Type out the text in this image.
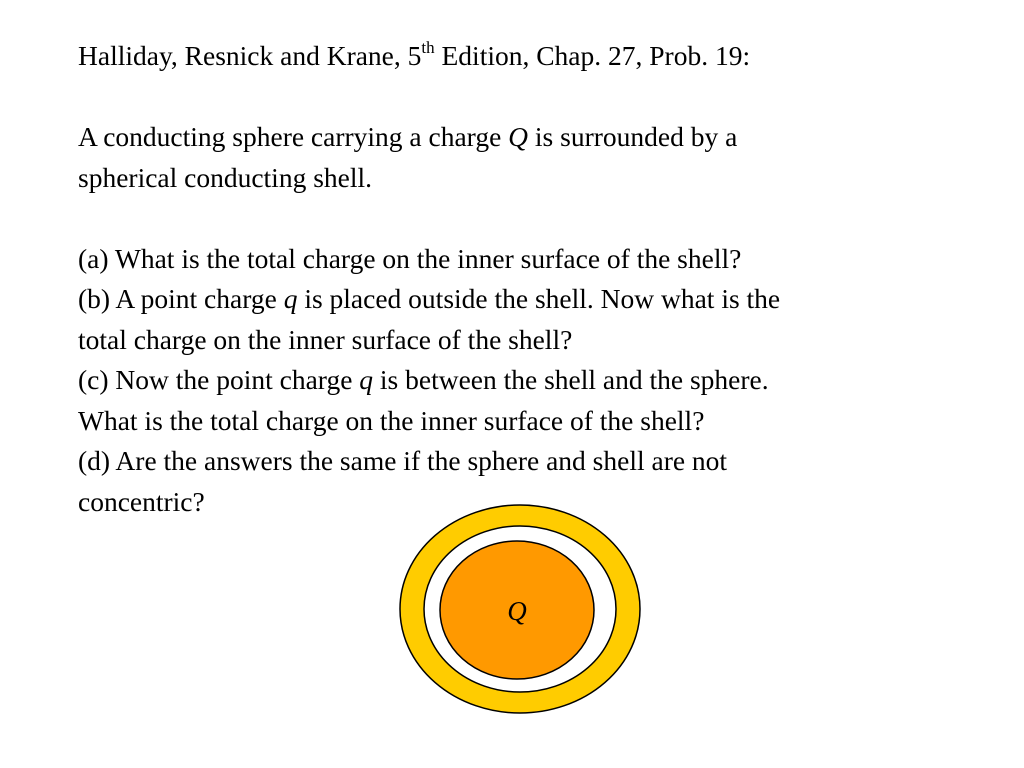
Halliday, Resnick and Krane, 5th Edition, Chap. 27, Prob. 19:
A conducting sphere carrying a charge Q is surrounded by a
spherical conducting shell.
(a) What is the total charge on the inner surface of the shell?
(b) A point charge q is placed outside the shell. Now what is the
total charge on the inner surface of the shell?
(c) Now the point charge q is between the shell and the sphere.
What is the total charge on the inner surface of the shell?
(d) Are the answers the same if the sphere and shell are not
concentric?
Q
